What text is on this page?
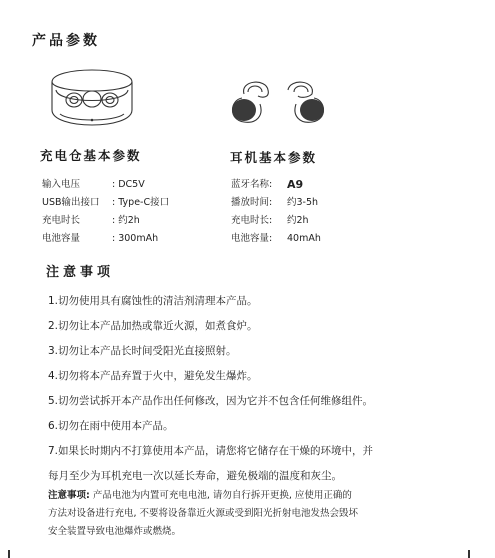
产品参数
充电仓基本参数	耳机基本参数
输入电压	: DC5V
USB输出接口	: Type-C接口
充电时长	: 约2h
电池容量	: 300mAh
蓝牙名称:	A9
播放时间:	约3-5h
充电时长:	约2h
电池容量:	40mAh
注意事项
1.切勿使用具有腐蚀性的清洁剂清理本产品。
2.切勿让本产品加热或靠近火源，如煮食炉。
3.切勿让本产品长时间受阳光直接照射。
4.切勿将本产品弃置于火中，避免发生爆炸。
5.切勿尝试拆开本产品作出任何修改，因为它并不包含任何维修组件。
6.切勿在雨中使用本产品。
7.如果长时期内不打算使用本产品，请您将它储存在干燥的环境中，并
每月至少为耳机充电一次以延长寿命，避免极端的温度和灰尘。
注意事项: 产品电池为内置可充电电池, 请勿自行拆开更换, 应使用正确的
方法对设备进行充电, 不要将设备靠近火源或受到阳光折射电池发热会毁坏
安全装置导致电池爆炸或燃烧。
